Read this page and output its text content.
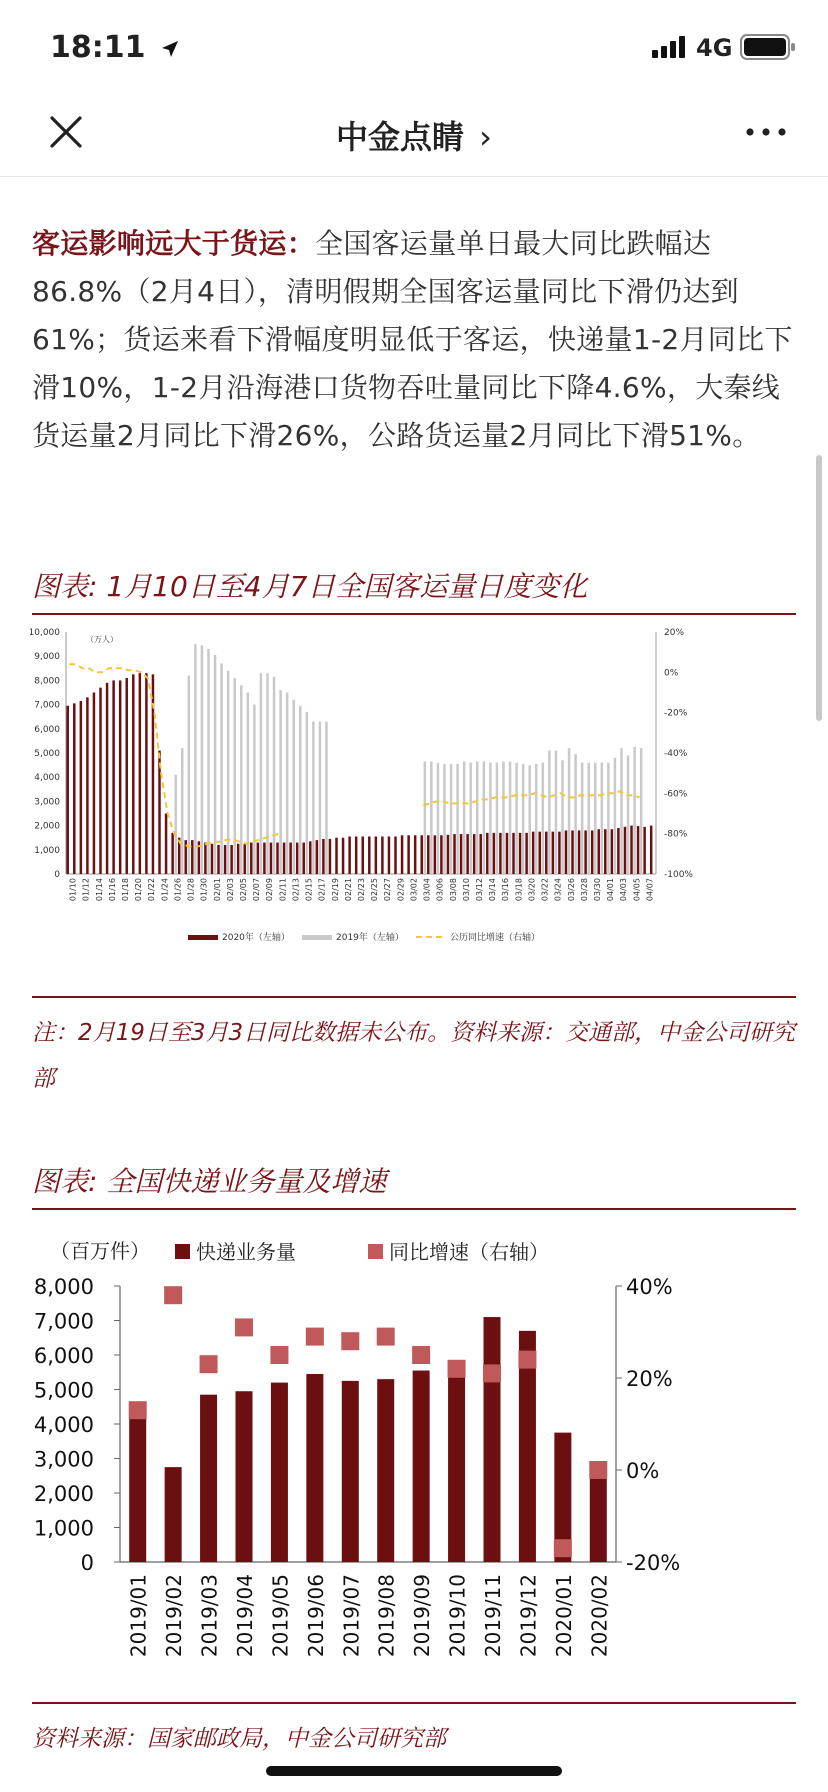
18:11	4G
中金点睛 ›
客运影响远大于货运：全国客运量单日最大同比跌幅达86.8%（2月4日），清明假期全国客运量同比下滑仍达到61%；货运来看下滑幅度明显低于客运，快递量1-2月同比下滑10%，1-2月沿海港口货物吞吐量同比下降4.6%，大秦线货运量2月同比下滑26%，公路货运量2月同比下滑51%。
图表: 1月10日至4月7日全国客运量日度变化
10,000
9,000
8,000
7,000
6,000
5,000
4,000
3,000
2,000
1,000
0
20%
0%
-20%
-40%
-60%
-80%
-100%
（万人）
01/10 01/12 01/14 01/16 01/18 01/20 01/22 01/24 01/26 01/28 01/30 02/01 02/03 02/05 02/07 02/09 02/11 02/13 02/15 02/17 02/19 02/21 02/23 02/25 02/27 02/29 03/02 03/04 03/06 03/08 03/10 03/12 03/14 03/16 03/18 03/20 03/22 03/24 03/26 03/28 03/30 04/01 04/03 04/05 04/07
2020年（左轴）	2019年（左轴）	公历同比增速（右轴）
注：2月19日至3月3日同比数据未公布。资料来源：交通部，中金公司研究部
图表: 全国快递业务量及增速
8,000
7,000
6,000
5,000
4,000
3,000
2,000
1,000
0
40%
20%
0%
-20%
（百万件）
2019/01 2019/02 2019/03 2019/04 2019/05 2019/06 2019/07 2019/08 2019/09 2019/10 2019/11 2019/12 2020/01 2020/02
快递业务量	同比增速（右轴）
资料来源：国家邮政局，中金公司研究部
